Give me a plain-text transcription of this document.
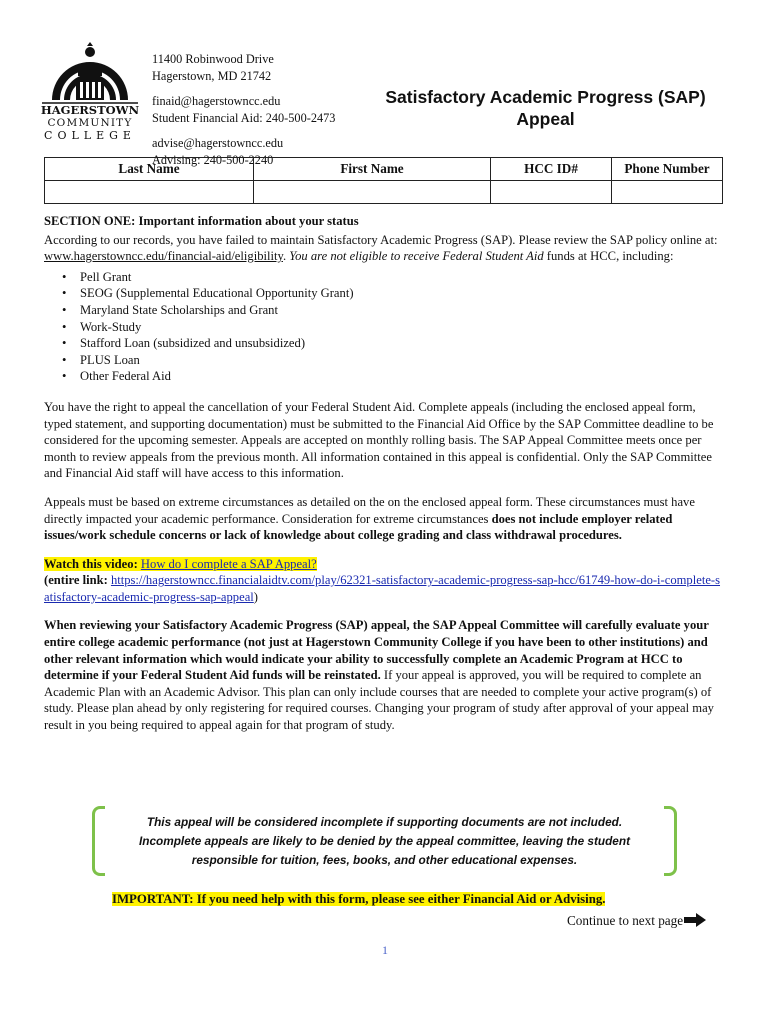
HAGERSTOWN
COMMUNITY
COLLEGE
11400 Robinwood Drive
Hagerstown, MD 21742
finaid@hagerstowncc.edu
Student Financial Aid: 240-500-2473
advise@hagerstowncc.edu
Advising: 240-500-2240
Satisfactory Academic Progress (SAP) Appeal
Last Name	First Name	HCC ID#	Phone Number

SECTION ONE: Important information about your status

According to our records, you have failed to maintain Satisfactory Academic Progress (SAP). Please review the SAP policy online at: www.hagerstowncc.edu/financial-aid/eligibility. You are not eligible to receive Federal Student Aid funds at HCC, including:

• Pell Grant
• SEOG (Supplemental Educational Opportunity Grant)
• Maryland State Scholarships and Grant
• Work-Study
• Stafford Loan (subsidized and unsubsidized)
• PLUS Loan
• Other Federal Aid

You have the right to appeal the cancellation of your Federal Student Aid. Complete appeals (including the enclosed appeal form, typed statement, and supporting documentation) must be submitted to the Financial Aid Office by the SAP Committee deadline to be considered for the upcoming semester. Appeals are accepted on monthly rolling basis. The SAP Appeal Committee meets once per month to review appeals from the previous month. All information contained in this appeal is confidential. Only the SAP Committee and Financial Aid staff will have access to this information.

Appeals must be based on extreme circumstances as detailed on the on the enclosed appeal form. These circumstances must have directly impacted your academic performance. Consideration for extreme circumstances does not include employer related issues/work schedule concerns or lack of knowledge about college grading and class withdrawal procedures.

Watch this video: How do I complete a SAP Appeal?

(entire link: https://hagerstowncc.financialaidtv.com/play/62321-satisfactory-academic-progress-sap-hcc/61749-how-do-i-complete-satisfactory-academic-progress-sap-appeal)

When reviewing your Satisfactory Academic Progress (SAP) appeal, the SAP Appeal Committee will carefully evaluate your entire college academic performance (not just at Hagerstown Community College if you have been to other institutions) and other relevant information which would indicate your ability to successfully complete an Academic Program at HCC to determine if your Federal Student Aid funds will be reinstated. If your appeal is approved, you will be required to complete an Academic Plan with an Academic Advisor. This plan can only include courses that are needed to complete your active program(s) of study. Please plan ahead by only registering for required courses. Changing your program of study after approval of your appeal may result in you being required to appeal again for that program of study.

This appeal will be considered incomplete if supporting documents are not included.
Incomplete appeals are likely to be denied by the appeal committee, leaving the student
responsible for tuition, fees, books, and other educational expenses.
IMPORTANT: If you need help with this form, please see either Financial Aid or Advising.
Continue to next page
1
